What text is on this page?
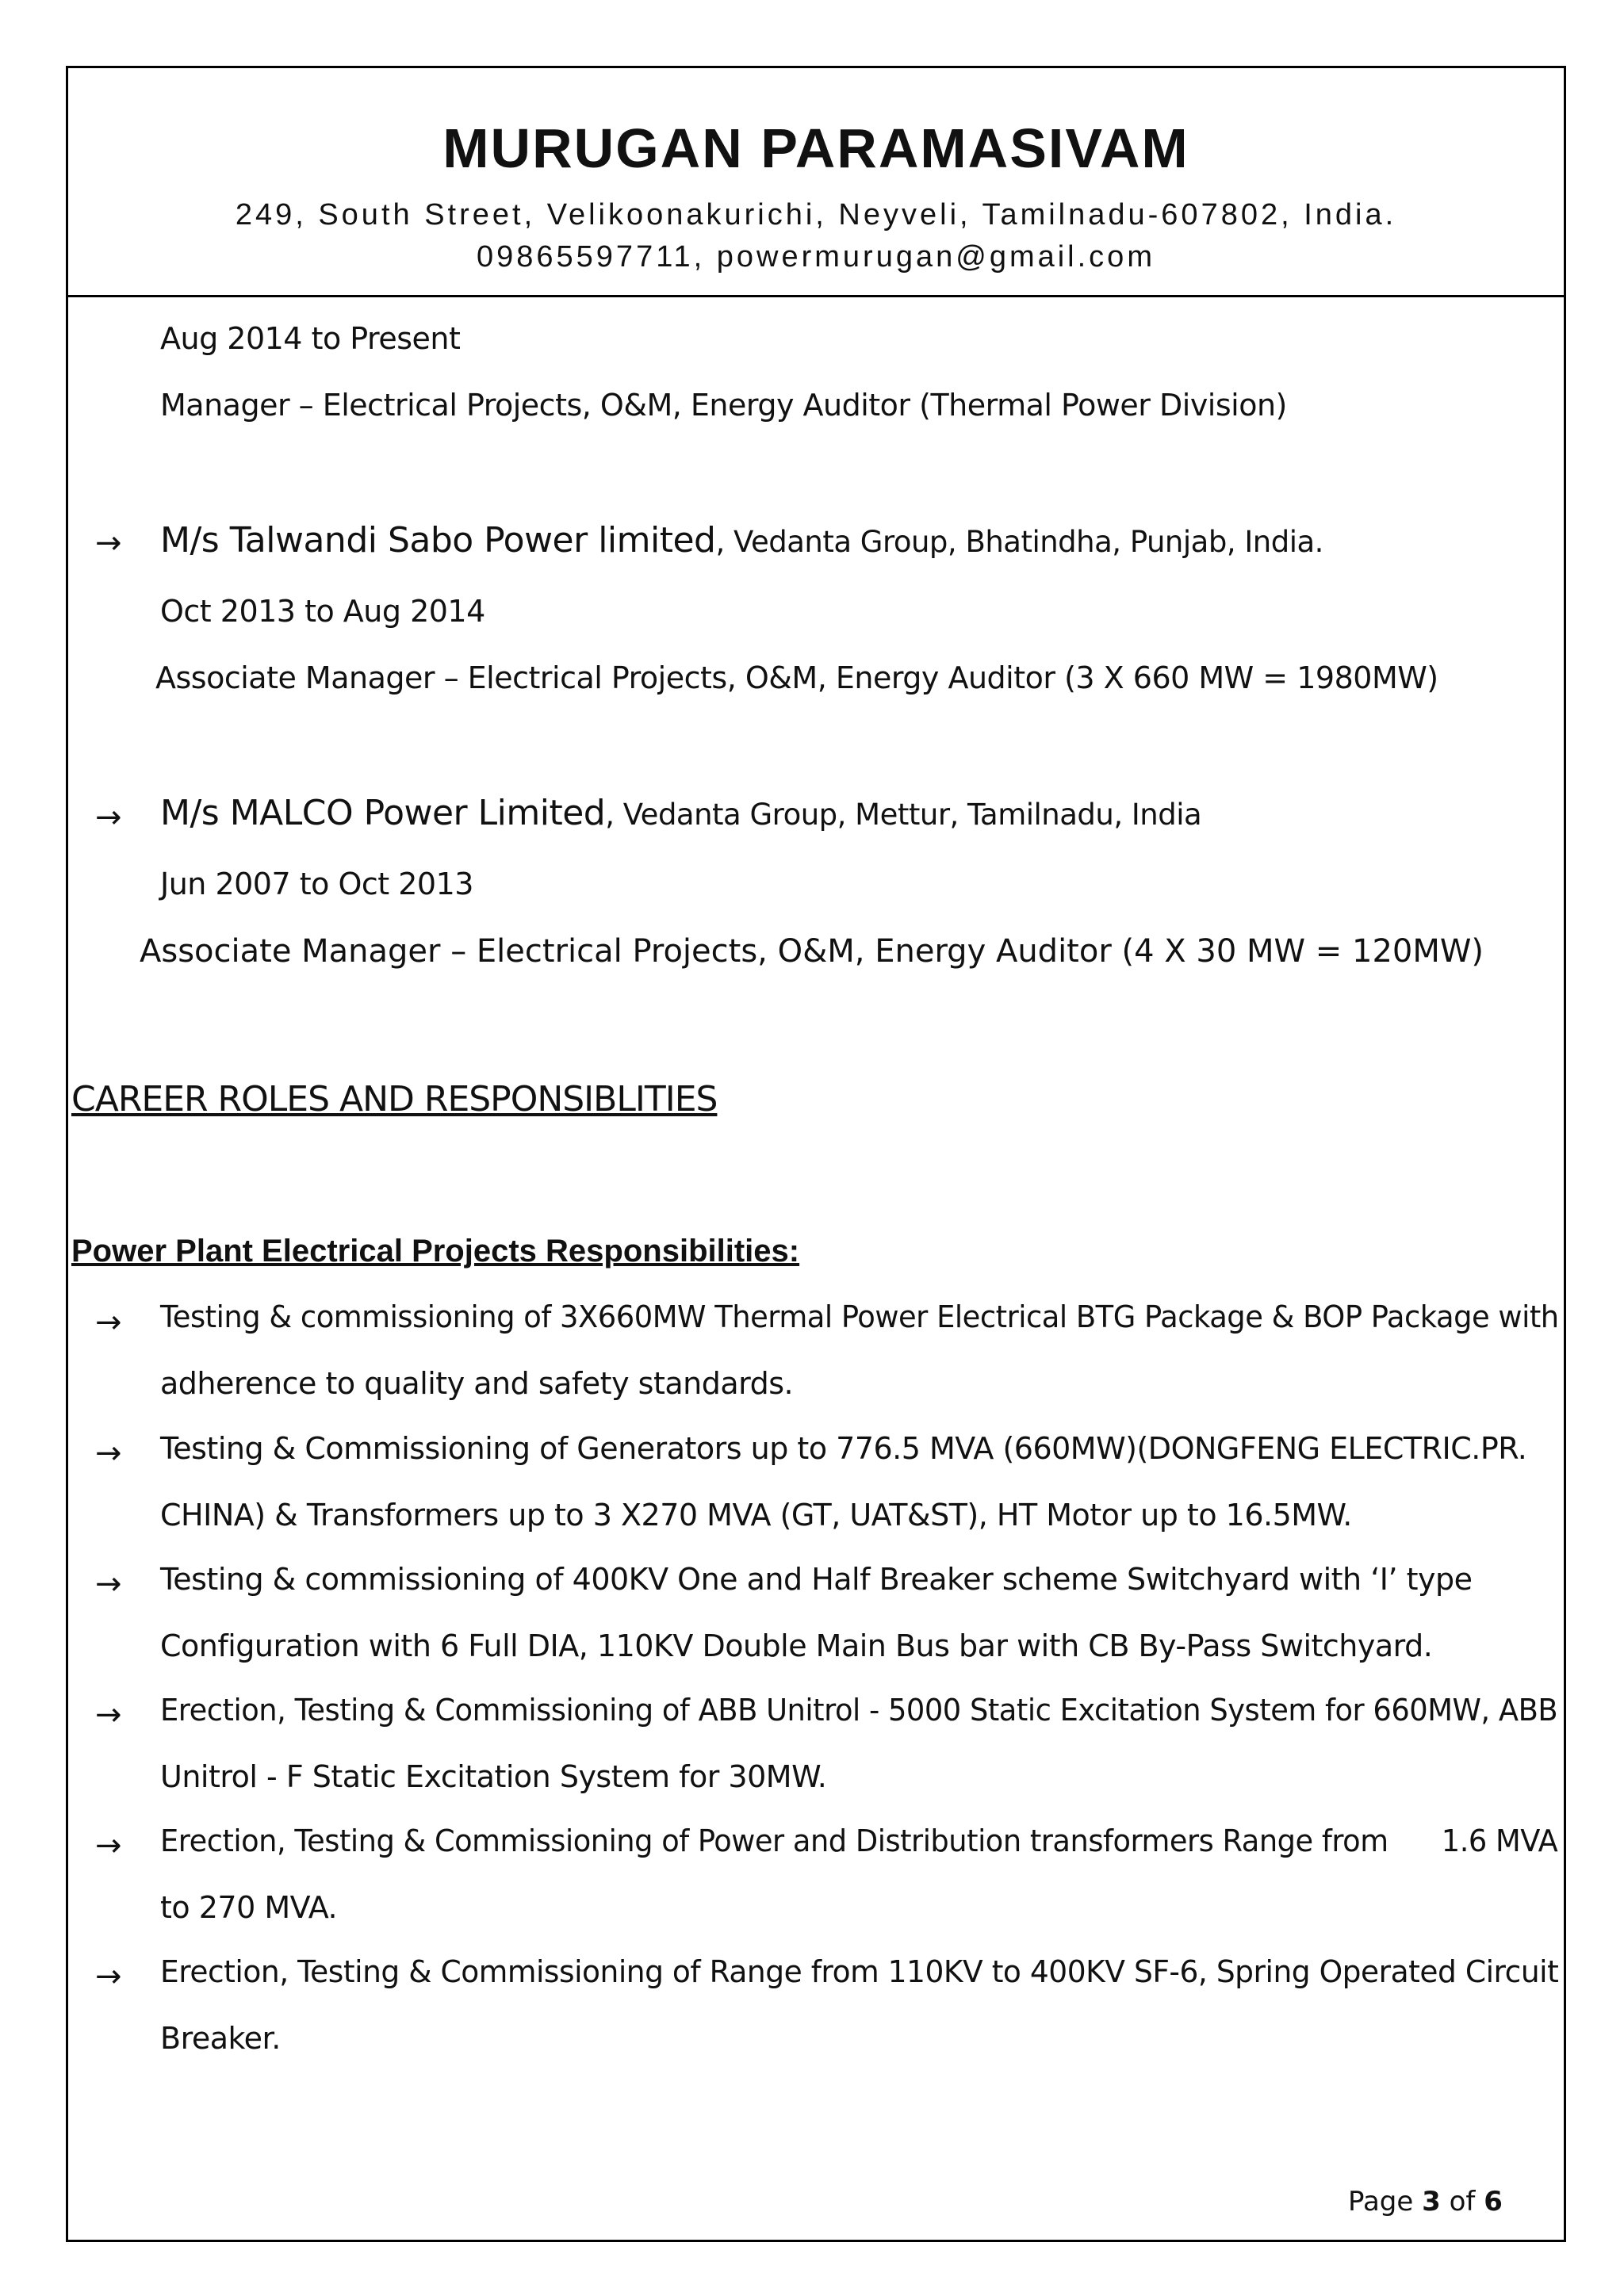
MURUGAN PARAMASIVAM
249, South Street, Velikoonakurichi, Neyveli, Tamilnadu-607802, India.
09865597711, powermurugan@gmail.com
Aug 2014 to Present
Manager – Electrical Projects, O&M, Energy Auditor (Thermal Power Division)
→ M/s Talwandi Sabo Power limited, Vedanta Group, Bhatindha, Punjab, India.
Oct 2013 to Aug 2014
Associate Manager – Electrical Projects, O&M, Energy Auditor (3 X 660 MW = 1980MW)
→ M/s MALCO Power Limited, Vedanta Group, Mettur, Tamilnadu, India
Jun 2007 to Oct 2013
Associate Manager – Electrical Projects, O&M, Energy Auditor (4 X 30 MW = 120MW)
CAREER ROLES AND RESPONSIBLITIES
Power Plant Electrical Projects Responsibilities:
→ Testing & commissioning of 3X660MW Thermal Power Electrical BTG Package & BOP Package with
adherence to quality and safety standards.
→ Testing & Commissioning of Generators up to 776.5 MVA (660MW)(DONGFENG ELECTRIC.PR.
CHINA) & Transformers up to 3 X270 MVA (GT, UAT&ST), HT Motor up to 16.5MW.
→ Testing & commissioning of 400KV One and Half Breaker scheme Switchyard with ‘I’ type
Configuration with 6 Full DIA, 110KV Double Main Bus bar with CB By-Pass Switchyard.
→ Erection, Testing & Commissioning of ABB Unitrol - 5000 Static Excitation System for 660MW, ABB
Unitrol - F Static Excitation System for 30MW.
→ Erection, Testing & Commissioning of Power and Distribution transformers Range from      1.6 MVA
to 270 MVA.
→ Erection, Testing & Commissioning of Range from 110KV to 400KV SF-6, Spring Operated Circuit
Breaker.
Page 3 of 6
